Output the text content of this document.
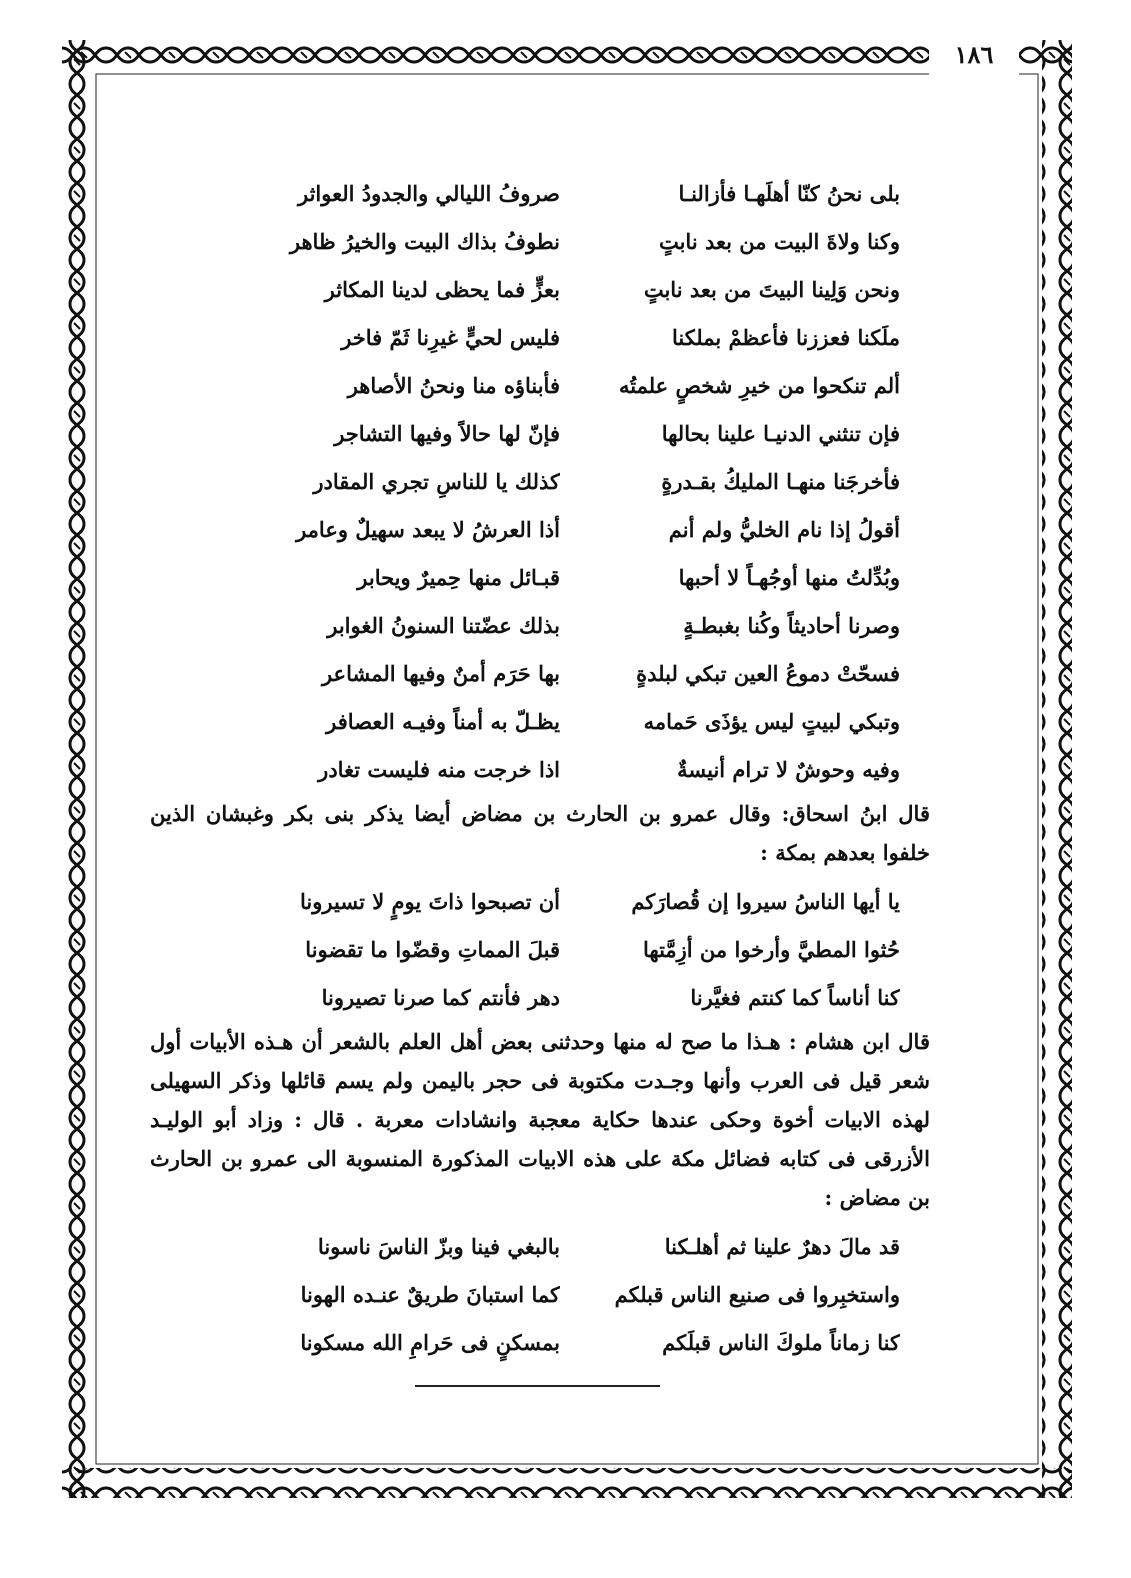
١٨٦
بلى نحنُ كنّا أهلَهـا فأزالنـا
صروفُ الليالي والجدودُ العواثر
وكنا ولاةَ البيت من بعد نابتٍ
نطوفُ بذاك البيت والخيرُ ظاهر
ونحن وَلِينا البيتَ من بعد نابتٍ
بعزٍّ فما يحظى لدينا المكاثر
ملَكنا فعززنا فأعظمْ بملكنا
فليس لحيٍّ غيرِنا ثَمّ فاخر
ألم تنكحوا من خيرِ شخصٍ علمتُه
فأبناؤه منا ونحنُ الأصاهر
فإن تنثني الدنيـا علينا بحالها
فإنّ لها حالاً وفيها التشاجر
فأخرجَنا منهـا المليكُ بقـدرةٍ
كذلك يا للناسِ تجري المقادر
أقولُ إذا نام الخليُّ ولم أنم
أذا العرشُ لا يبعد سهيلٌ وعامر
وبُدِّلتُ منها أوجُهـاً لا أحبها
قبـائل منها حِميرٌ ويحابر
وصرنا أحاديثاً وكُنا بغبطـةٍ
بذلك عضّتنا السنونُ الغوابر
فسحّتْ دموعُ العين تبكي لبلدةٍ
بها حَرَم أمنٌ وفيها المشاعر
وتبكي لبيتٍ ليس يؤذَى حَمامه
يظـلّ به أمناً وفيـه العصافر
وفيه وحوشٌ لا ترام أنيسةٌ
اذا خرجت منه فليست تغادر

قال ابنُ اسحاق: وقال عمرو بن الحارث بن مضاض أيضا يذكر بنى بكر وغبشان الذين خلفوا بعدهم بمكة :

يا أيها الناسُ سيروا إن قُصارَكم
أن تصبحوا ذاتَ يومٍ لا تسيرونا
حُثوا المطيَّ وأرخوا من أزِمَّتها
قبلَ المماتِ وقضّوا ما تقضونا
كنا أناساً كما كنتم فغيَّرنا
دهر فأنتم كما صرنا تصيرونا

قال ابن هشام : هـذا ما صح له منها وحدثنى بعض أهل العلم بالشعر أن هـذه الأبيات أول شعر قيل فى العرب وأنها وجـدت مكتوبة فى حجر باليمن ولم يسم قائلها وذكر السهيلى لهذه الابيات أخوة وحكى عندها حكاية معجبة وانشادات معربة . قال : وزاد أبو الوليـد الأزرقى فى كتابه فضائل مكة على هذه الابيات المذكورة المنسوبة الى عمرو بن الحارث بن مضاض :

قد مالَ دهرٌ علينا ثم أهلـكنا
بالبغي فينا وبزّ الناسَ ناسونا
واستخبِروا فى صنيع الناس قبلكم
كما استبانَ طريقٌ عنـده الهونا
كنا زماناً ملوكَ الناس قبلَكم
بمسكنٍ فى حَرامِ الله مسكونا
